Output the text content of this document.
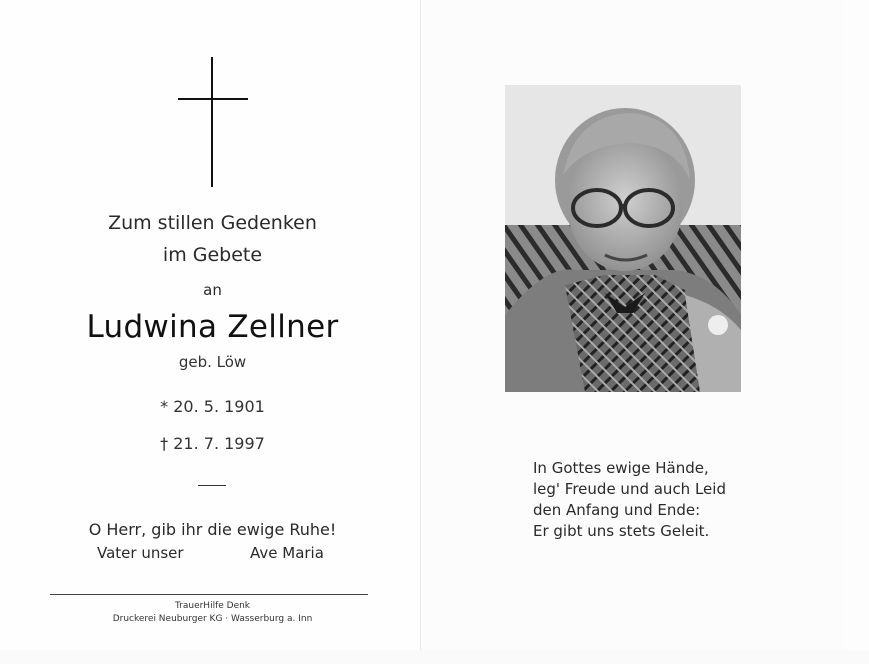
Zum stillen Gedenken
im Gebete
an
Ludwina Zellner
geb. Löw
* 20. 5. 1901
† 21. 7. 1997
O Herr, gib ihr die ewige Ruhe!
Vater unser	Ave Maria
TrauerHilfe Denk
Druckerei Neuburger KG · Wasserburg a. Inn
In Gottes ewige Hände,
leg' Freude und auch Leid
den Anfang und Ende:
Er gibt uns stets Geleit.
